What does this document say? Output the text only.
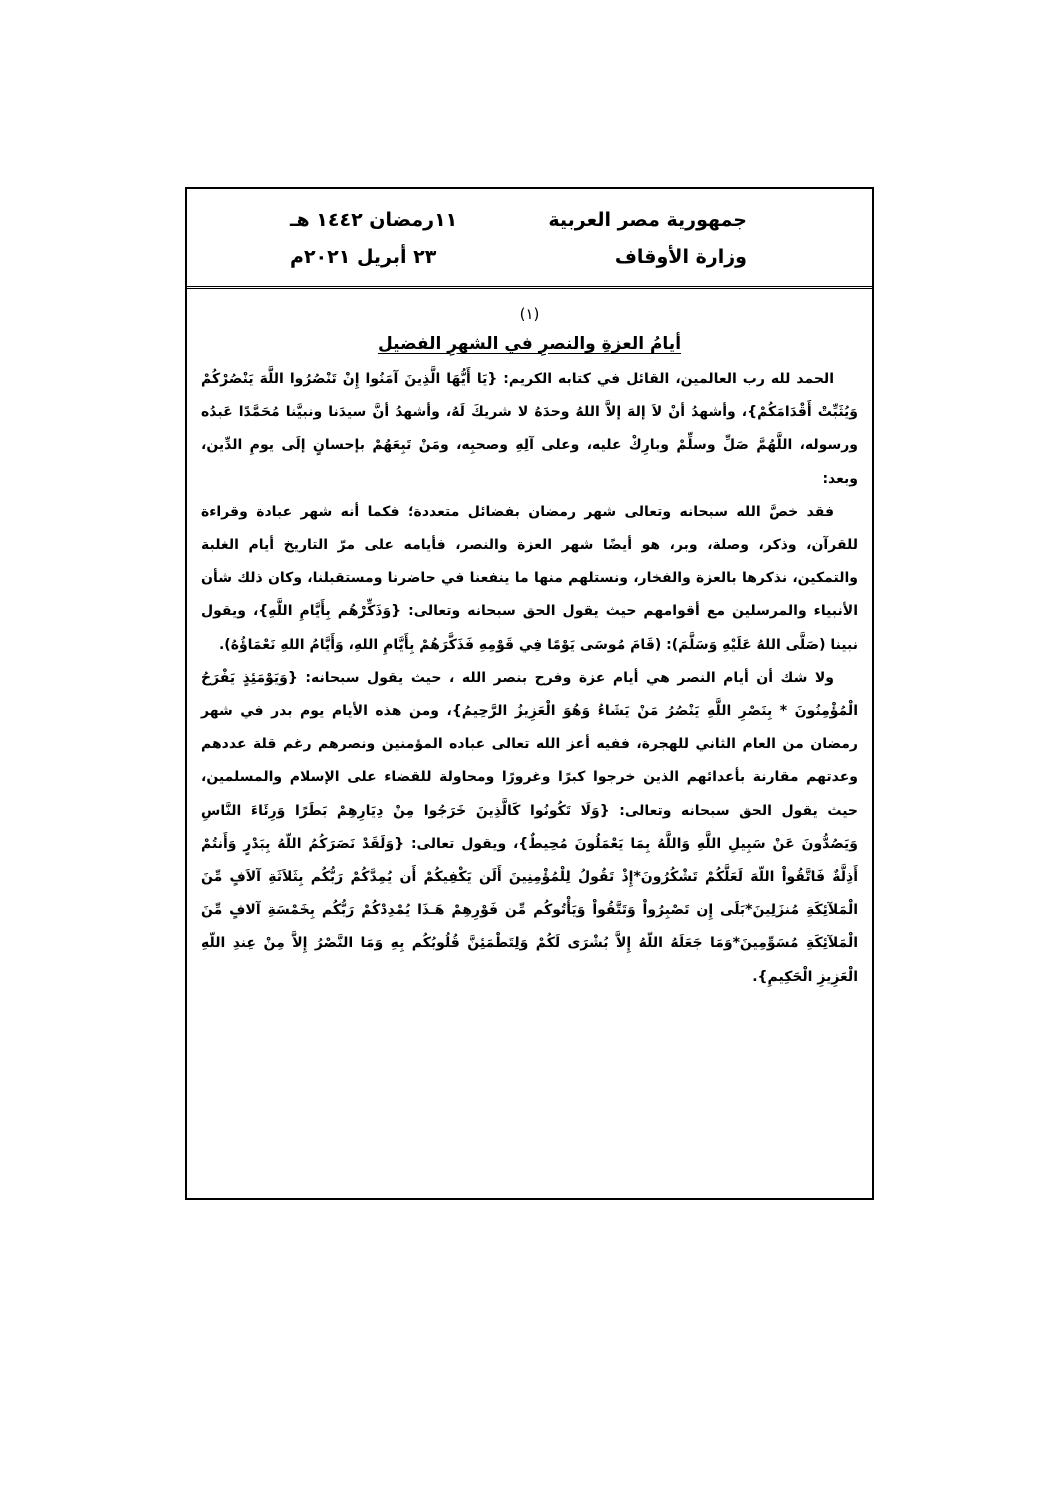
جمهورية مصر العربية
وزارة الأوقاف
١١رمضان ١٤٤٢ هـ
٢٣ أبريل ٢٠٢١م
(١)
أيامُ العزةِ والنصرِ في الشهرِ الفضيل

الحمد لله رب العالمين، القائل في كتابه الكريم: {يَا أَيُّهَا الَّذِينَ آمَنُوا إِنْ تَنْصُرُوا اللَّهَ يَنْصُرْكُمْ وَيُثَبِّتْ أَقْدَامَكُمْ}، وأشهدُ أنْ لاَ إلهَ إلاَّ اللهُ وحدَهُ لا شريكَ لَهُ، وأشهدُ أنَّ سيدَنا ونبيَّنا مُحَمَّدًا عَبدُه ورسوله، اللَّهُمَّ صَلِّ وسلِّمْ وبارِكْ عليه، وعلى آلِهِ وصحبِه، ومَنْ تَبِعَهُمْ بإحسانٍ إلَى يومِ الدِّين، وبعد:

فقد خصَّ الله سبحانه وتعالى شهر رمضان بفضائل متعددة؛ فكما أنه شهر عبادة وقراءة للقرآن، وذكر، وصلة، وبر، هو أيضًا شهر العزة والنصر، فأيامه على مرّ التاريخ أيام الغلبة والتمكين، نذكرها بالعزة والفخار، ونستلهم منها ما ينفعنا في حاضرنا ومستقبلنا، وكان ذلك شأن الأنبياء والمرسلين مع أقوامهم حيث يقول الحق سبحانه وتعالى: {وَذَكِّرْهُم بِأَيَّامِ اللَّهِ}، ويقول نبينا (صَلَّى اللهُ عَلَيْهِ وَسَلَّمَ): (قَامَ مُوسَى يَوْمًا فِي قَوْمِهِ فَذَكَّرَهُمْ بِأَيَّامِ اللهِ، وَأَيَّامُ اللهِ نَعْمَاؤُهُ).

ولا شك أن أيام النصر هي أيام عزة وفرح بنصر الله ، حيث يقول سبحانه: {وَيَوْمَئِذٍ يَفْرَحُ الْمُؤْمِنُونَ * بِنَصْرِ اللَّهِ يَنْصُرُ مَنْ يَشَاءُ وَهُوَ الْعَزِيزُ الرَّحِيمُ}، ومن هذه الأيام يوم بدر في شهر رمضان من العام الثاني للهجرة، ففيه أعز الله تعالى عباده المؤمنين ونصرهم رغم قلة عددهم وعدتهم مقارنة بأعدائهم الذين خرجوا كبرًا وغرورًا ومحاولة للقضاء على الإسلام والمسلمين، حيث يقول الحق سبحانه وتعالى: {وَلَا تَكُونُوا كَالَّذِينَ خَرَجُوا مِنْ دِيَارِهِمْ بَطَرًا وَرِئَاءَ النَّاسِ وَيَصُدُّونَ عَنْ سَبِيلِ اللَّهِ وَاللَّهُ بِمَا يَعْمَلُونَ مُحِيطٌ}، ويقول تعالى: {وَلَقَدْ نَصَرَكُمُ اللّهُ بِبَدْرٍ وَأَنتُمْ أَذِلَّةٌ فَاتَّقُواْ اللّهَ لَعَلَّكُمْ تَشْكُرُونَ*إِذْ تَقُولُ لِلْمُؤْمِنِينَ أَلَن يَكْفِيكُمْ أَن يُمِدَّكُمْ رَبُّكُم بِثَلاَثَةِ آلاَفٍ مِّنَ الْمَلآئِكَةِ مُنزَلِينَ*بَلَى إِن تَصْبِرُواْ وَتَتَّقُواْ وَيَأْتُوكُم مِّن فَوْرِهِمْ هَـذَا يُمْدِدْكُمْ رَبُّكُم بِخَمْسَةِ آلافٍ مِّنَ الْمَلآئِكَةِ مُسَوِّمِينَ*وَمَا جَعَلَهُ اللّهُ إِلاَّ بُشْرَى لَكُمْ وَلِتَطْمَئِنَّ قُلُوبُكُم بِهِ وَمَا النَّصْرُ إِلاَّ مِنْ عِندِ اللّهِ الْعَزِيزِ الْحَكِيمِ}.
